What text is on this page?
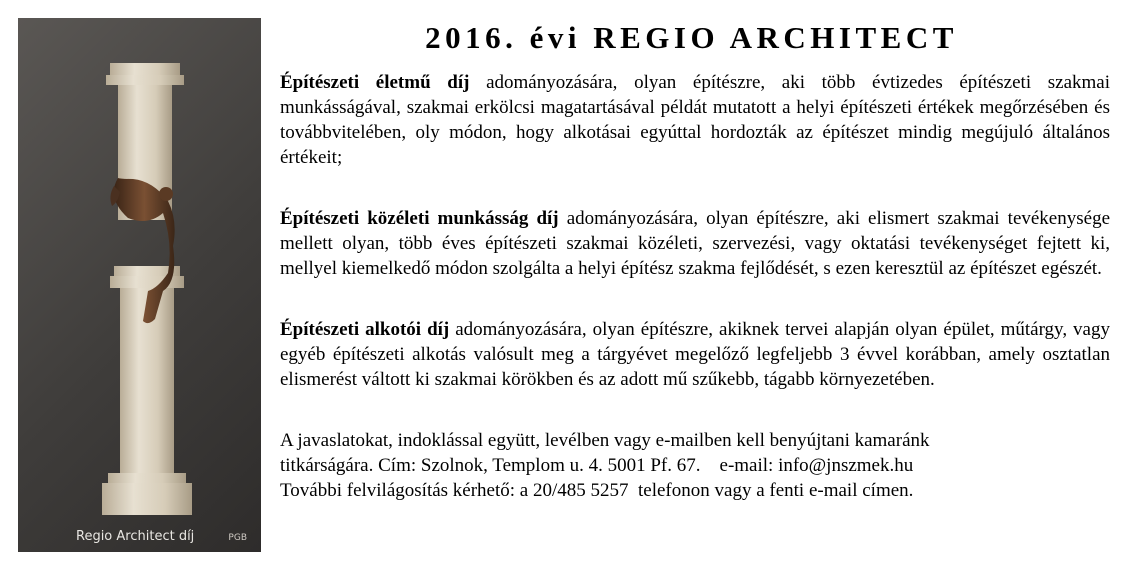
Regio Architect díj	PGB
2016. évi REGIO ARCHITECT

Építészeti életmű díj adományozására, olyan építészre, aki több évtizedes építészeti szakmai munkásságával, szakmai erkölcsi magatartásával példát mutatott a helyi építészeti értékek megőrzésében és továbbvitelében, oly módon, hogy alkotásai egyúttal hordozták az építészet mindig megújuló általános értékeit;

Építészeti közéleti munkásság díj adományozására, olyan építészre, aki elismert szakmai tevékenysége mellett olyan, több éves építészeti szakmai közéleti, szervezési, vagy oktatási tevékenységet fejtett ki, mellyel kiemelkedő módon szolgálta a helyi építész szakma fejlődését, s ezen keresztül az építészet egészét.

Építészeti alkotói díj adományozására, olyan építészre, akiknek tervei alapján olyan épület, műtárgy, vagy egyéb építészeti alkotás valósult meg a tárgyévet megelőző legfeljebb 3 évvel korábban, amely osztatlan elismerést váltott ki szakmai körökben és az adott mű szűkebb, tágabb környezetében.

A javaslatokat, indoklással együtt, levélben vagy e-mailben kell benyújtani kamaránk
titkárságára. Cím: Szolnok, Templom u. 4. 5001 Pf. 67.    e-mail: info@jnszmek.hu
További felvilágosítás kérhető: a 20/485 5257  telefonon vagy a fenti e-mail címen.
